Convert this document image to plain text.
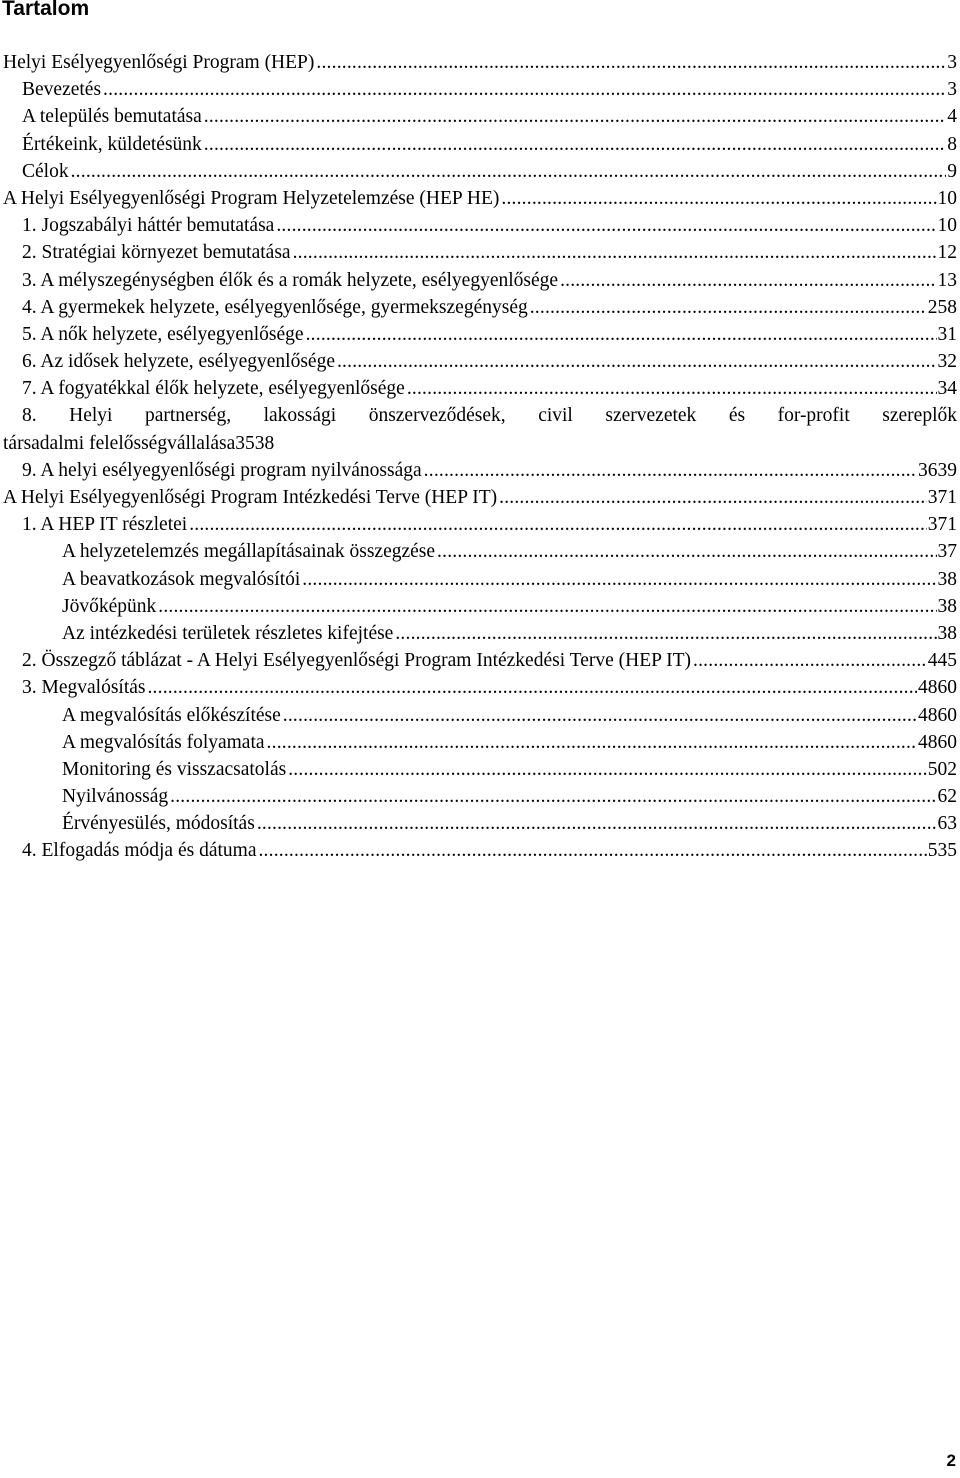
Tartalom
Helyi Esélyegyenlőségi Program (HEP) .....	3
Bevezetés .....	3
A település bemutatása .....	4
Értékeink, küldetésünk .....	8
Célok .....	9
A Helyi Esélyegyenlőségi Program Helyzetelemzése (HEP HE) .....	10
1. Jogszabályi háttér bemutatása .....	10
2. Stratégiai környezet bemutatása .....	12
3. A mélyszegénységben élők és a romák helyzete, esélyegyenlősége .....	13
4. A gyermekek helyzete, esélyegyenlősége, gyermekszegénység .....	258
5. A nők helyzete, esélyegyenlősége .....	31
6. Az idősek helyzete, esélyegyenlősége .....	32
7. A fogyatékkal élők helyzete, esélyegyenlősége .....	34
8. Helyi partnerség, lakossági önszerveződések, civil szervezetek és for-profit szereplők
társadalmi felelősségvállalása 3538
9. A helyi esélyegyenlőségi program nyilvánossága .....	3639
A Helyi Esélyegyenlőségi Program Intézkedési Terve (HEP IT) .....	371
1. A HEP IT részletei .....	371
A helyzetelemzés megállapításainak összegzése .....	37
A beavatkozások megvalósítói .....	38
Jövőképünk .....	38
Az intézkedési területek részletes kifejtése .....	38
2. Összegző táblázat - A Helyi Esélyegyenlőségi Program Intézkedési Terve (HEP IT) .....	445
3. Megvalósítás .....	4860
A megvalósítás előkészítése .....	4860
A megvalósítás folyamata .....	4860
Monitoring és visszacsatolás .....	502
Nyilvánosság .....	62
Érvényesülés, módosítás .....	63
4. Elfogadás módja és dátuma .....	535
2
